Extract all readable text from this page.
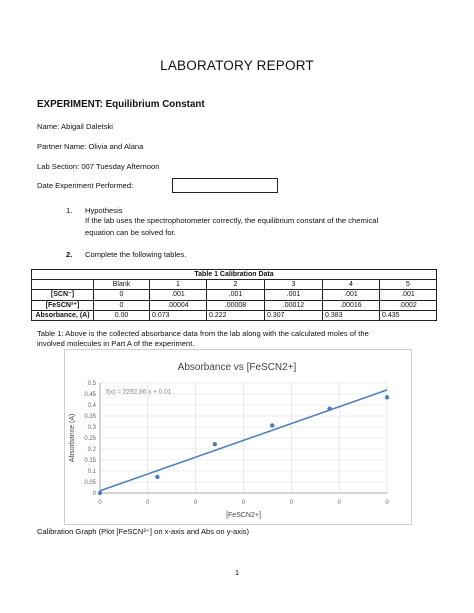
LABORATORY REPORT
EXPERIMENT: Equilibrium Constant
Name: Abigail Daletski
Partner Name: Olivia and Alana
Lab Section: 007 Tuesday Afternoon
Date Experiment Performed:
1. Hypothesis
If the lab uses the spectrophotometer correctly, the equilibrium constant of the chemical
equation can be solved for.
2. Complete the following tables.
Table 1 Calibration Data						
	Blank	1	2	3	4	5
[SCN⁻]	0	.001	.001	.001	.001	.001
[FeSCN²⁺]	0	.00004	.00008	.00012	.00016	.0002
Absorbance, (A)	0.00	0.073	0.222	0.307	0.383	0.435
Table 1: Above is the collected absorbance data from the lab along with the calculated moles of the
involved molecules in Part A of the experiment.
Absorbance vs [FeSCN2+]
0
0.05
0.1
0.15
0.2
0.25
0.3
0.35
0.4
0.45
0.5
0	0	0	0	0	0	0
f(x) = 2292.86 x + 0.01
[FeSCN2+]
Absorbance (A)
Calibration Graph (Plot [FeSCN²⁺] on x-axis and Abs on y-axis)
1
